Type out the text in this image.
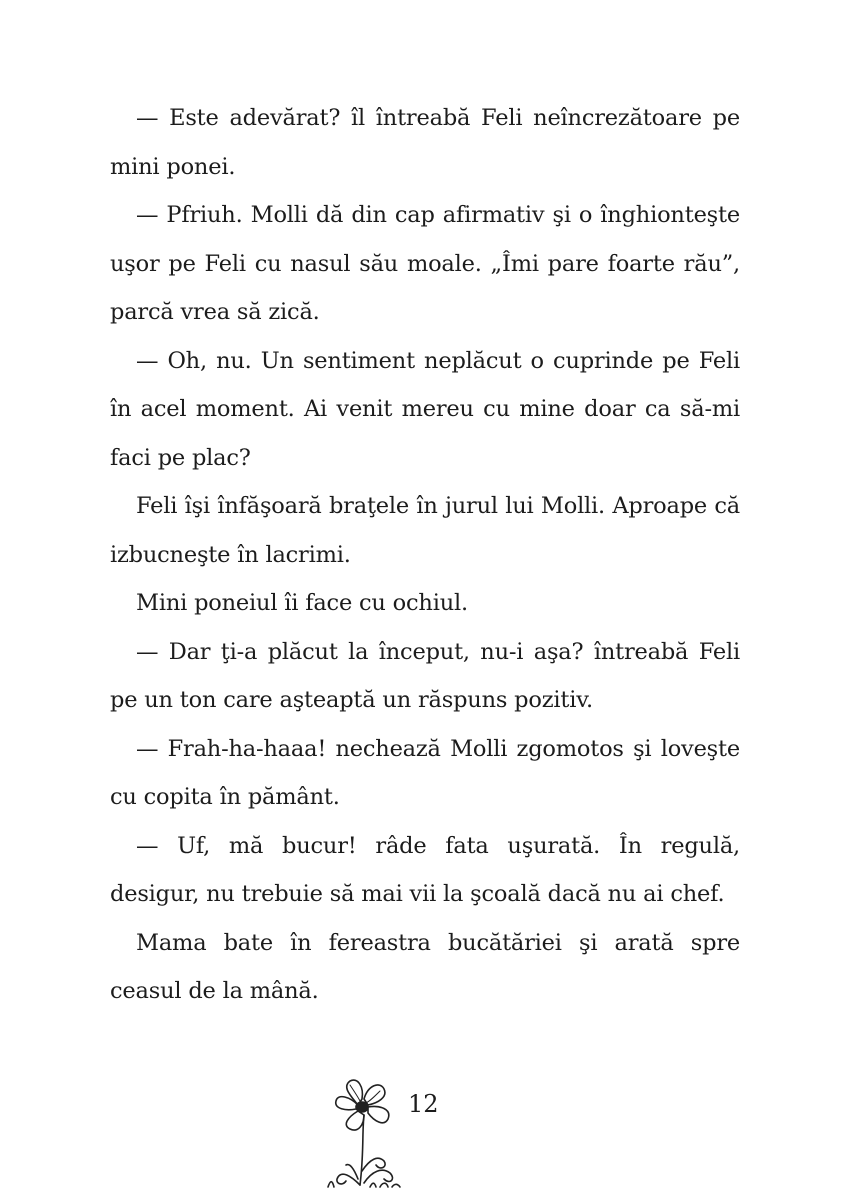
— Este adevărat? îl întreabă Feli neîncrezătoare pe mini ponei.

— Pfriuh. Molli dă din cap afirmativ şi o înghionteşte uşor pe Feli cu nasul său moale. „Îmi pare foarte rău”, parcă vrea să zică.

— Oh, nu. Un sentiment neplăcut o cuprinde pe Feli în acel moment. Ai venit mereu cu mine doar ca să-mi faci pe plac?

Feli îşi înfăşoară braţele în jurul lui Molli. Aproape că izbucneşte în lacrimi.

Mini poneiul îi face cu ochiul.

— Dar ţi-a plăcut la început, nu-i aşa? întreabă Feli pe un ton care aşteaptă un răspuns pozitiv.

— Frah-ha-haaa! nechează Molli zgomotos şi loveşte cu copita în pământ.

— Uf, mă bucur! râde fata uşurată. În regulă, desigur, nu trebuie să mai vii la şcoală dacă nu ai chef.

Mama bate în fereastra bucătăriei şi arată spre ceasul de la mână.

12
